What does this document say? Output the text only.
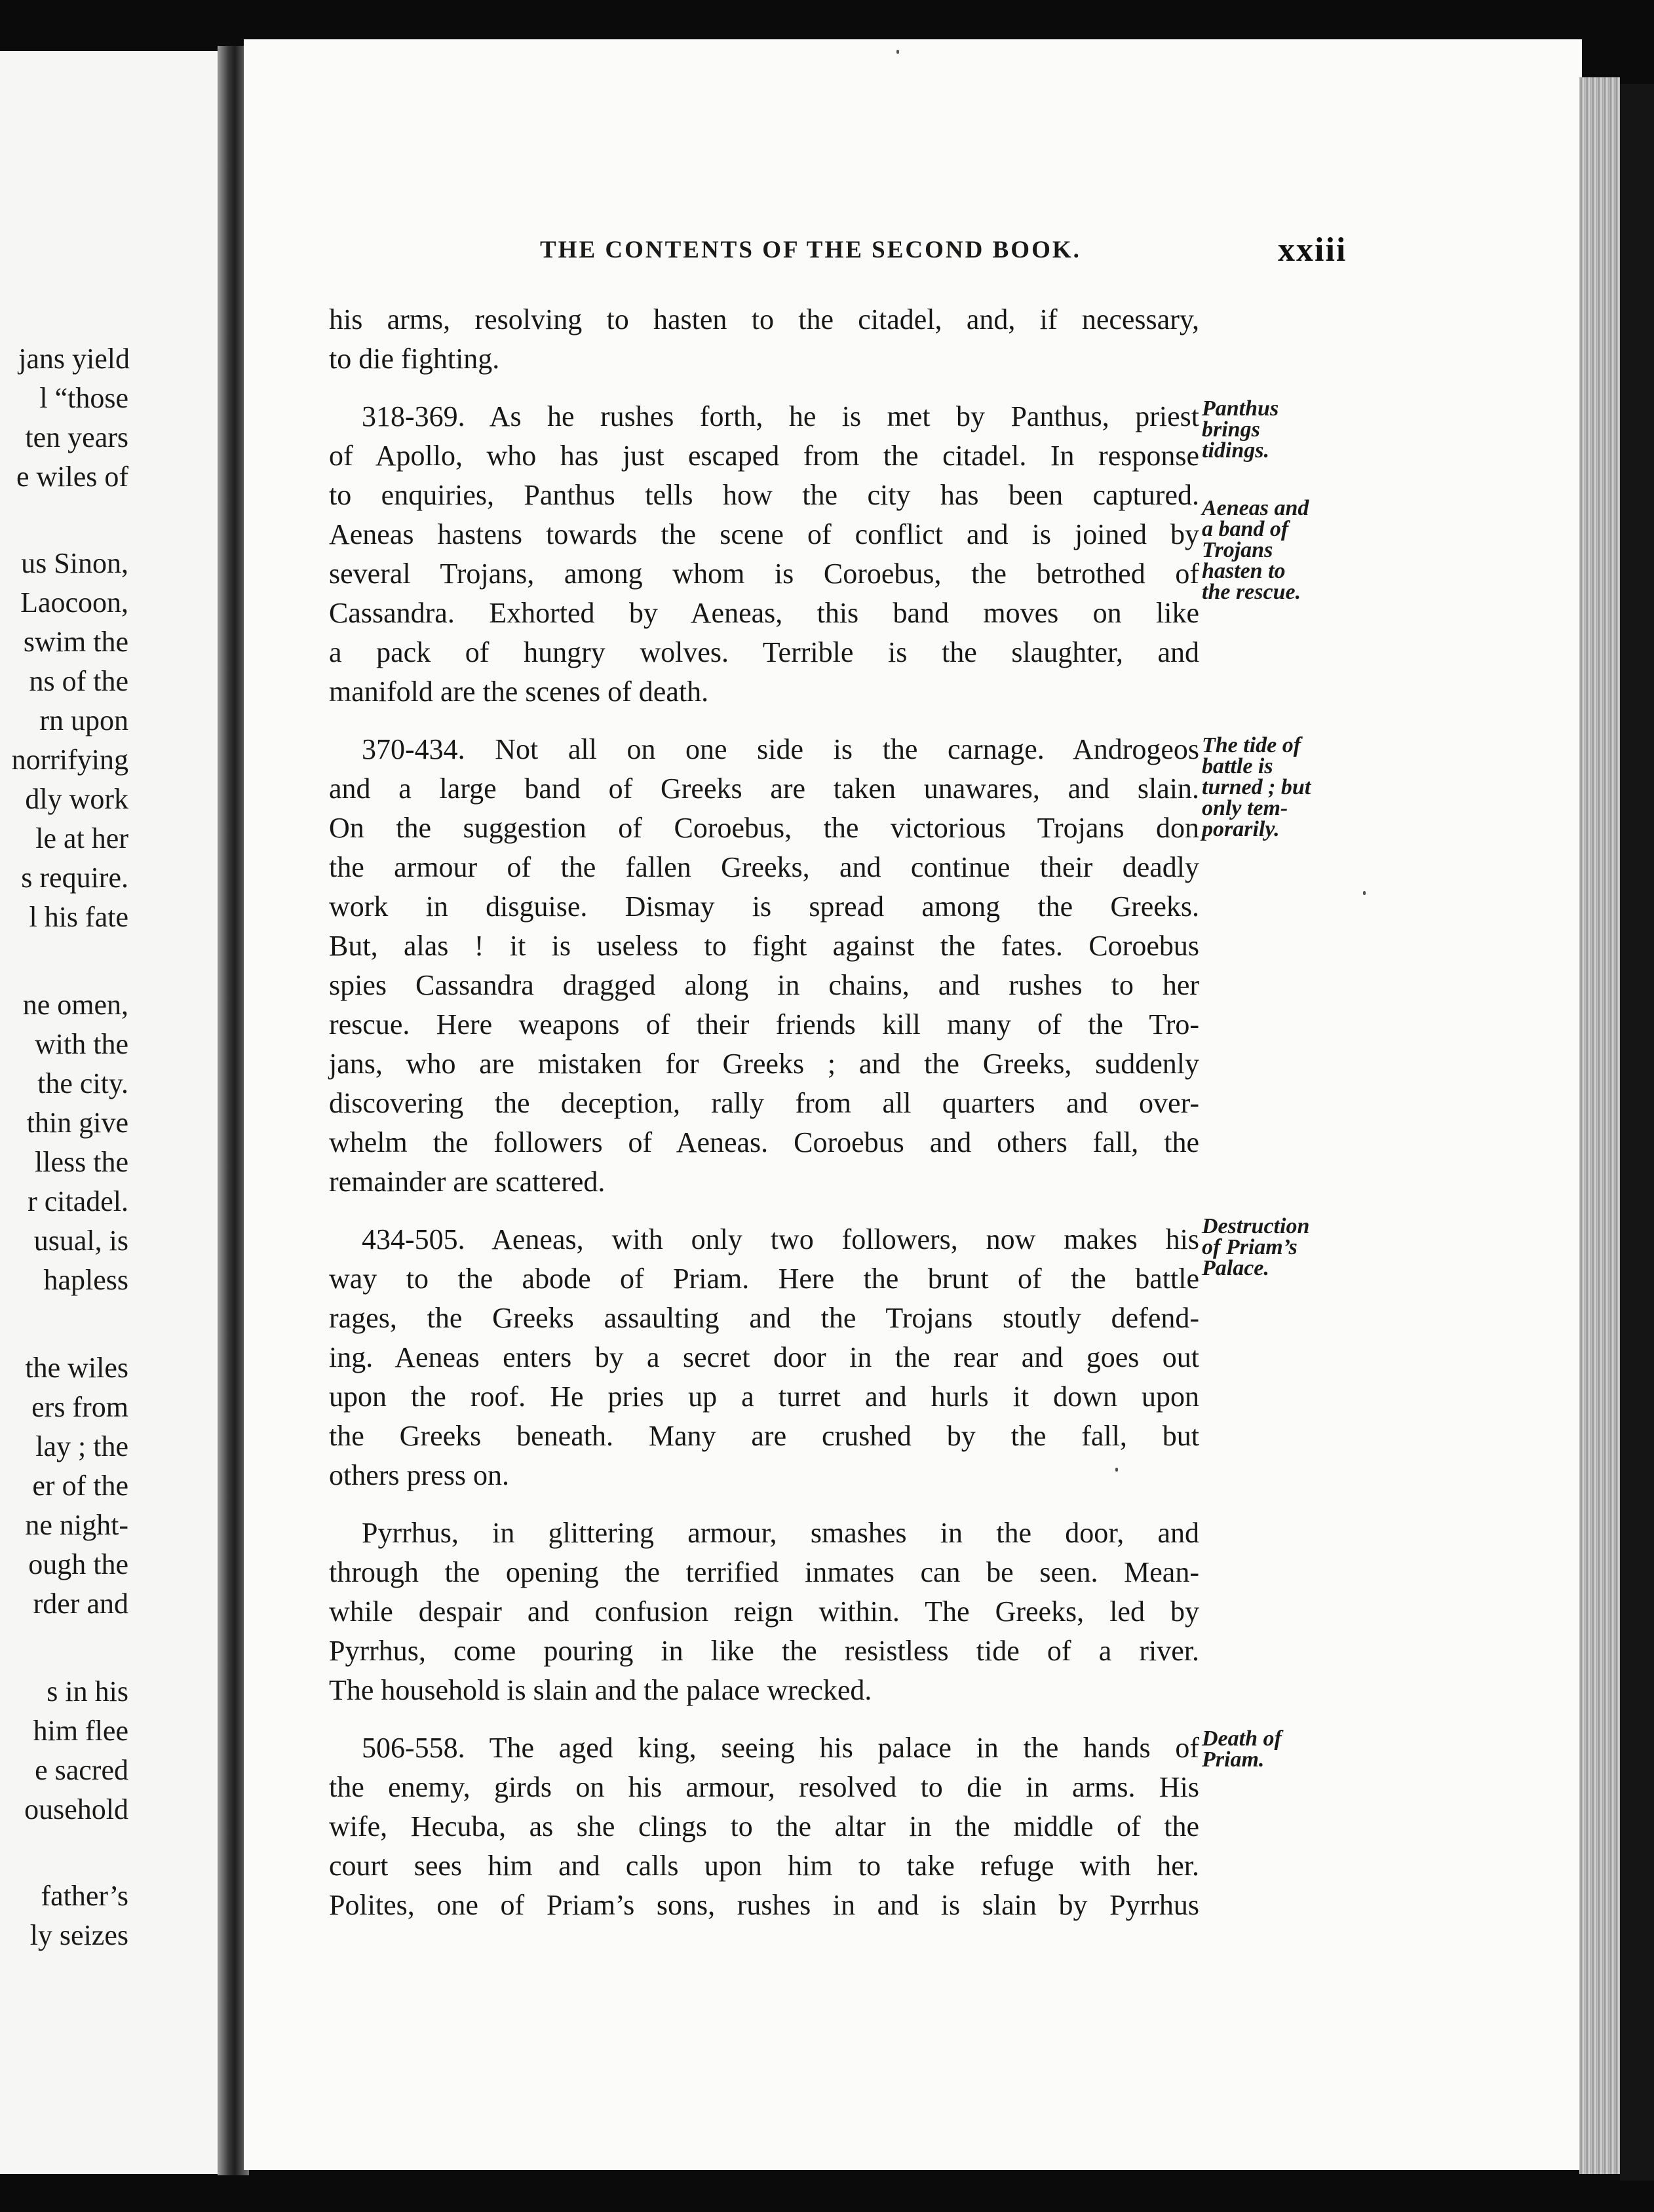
jans yield
l “those
ten years
e wiles of
us Sinon,
Laocoon,
swim the
ns of the
rn upon
norrifying
dly work
le at her
s require.
l his fate
ne omen,
with the
the city.
thin give
lless the
r citadel.
usual, is
hapless
the wiles
ers from
lay ; the
er of the
ne night-
ough the
rder and
s in his
him flee
e sacred
ousehold
father’s
ly seizes
THE CONTENTS OF THE SECOND BOOK.	xxiii
his arms, resolving to hasten to the citadel, and, if necessary,
to die fighting.
318-369. As he rushes forth, he is met by Panthus, priest
of Apollo, who has just escaped from the citadel. In response
to enquiries, Panthus tells how the city has been captured.
Aeneas hastens towards the scene of conflict and is joined by
several Trojans, among whom is Coroebus, the betrothed of
Cassandra. Exhorted by Aeneas, this band moves on like
a pack of hungry wolves. Terrible is the slaughter, and
manifold are the scenes of death.
370-434. Not all on one side is the carnage. Androgeos
and a large band of Greeks are taken unawares, and slain.
On the suggestion of Coroebus, the victorious Trojans don
the armour of the fallen Greeks, and continue their deadly
work in disguise. Dismay is spread among the Greeks.
But, alas ! it is useless to fight against the fates. Coroebus
spies Cassandra dragged along in chains, and rushes to her
rescue. Here weapons of their friends kill many of the Tro-
jans, who are mistaken for Greeks ; and the Greeks, suddenly
discovering the deception, rally from all quarters and over-
whelm the followers of Aeneas. Coroebus and others fall, the
remainder are scattered.
434-505. Aeneas, with only two followers, now makes his
way to the abode of Priam. Here the brunt of the battle
rages, the Greeks assaulting and the Trojans stoutly defend-
ing. Aeneas enters by a secret door in the rear and goes out
upon the roof. He pries up a turret and hurls it down upon
the Greeks beneath. Many are crushed by the fall, but
others press on.
Pyrrhus, in glittering armour, smashes in the door, and
through the opening the terrified inmates can be seen. Mean-
while despair and confusion reign within. The Greeks, led by
Pyrrhus, come pouring in like the resistless tide of a river.
The household is slain and the palace wrecked.
506-558. The aged king, seeing his palace in the hands of
the enemy, girds on his armour, resolved to die in arms. His
wife, Hecuba, as she clings to the altar in the middle of the
court sees him and calls upon him to take refuge with her.
Polites, one of Priam’s sons, rushes in and is slain by Pyrrhus
Panthus
brings
tidings.
Aeneas and
a band of
Trojans
hasten to
the rescue.
The tide of
battle is
turned ; but
only tem-
porarily.
Destruction
of Priam’s
Palace.
Death of
Priam.
